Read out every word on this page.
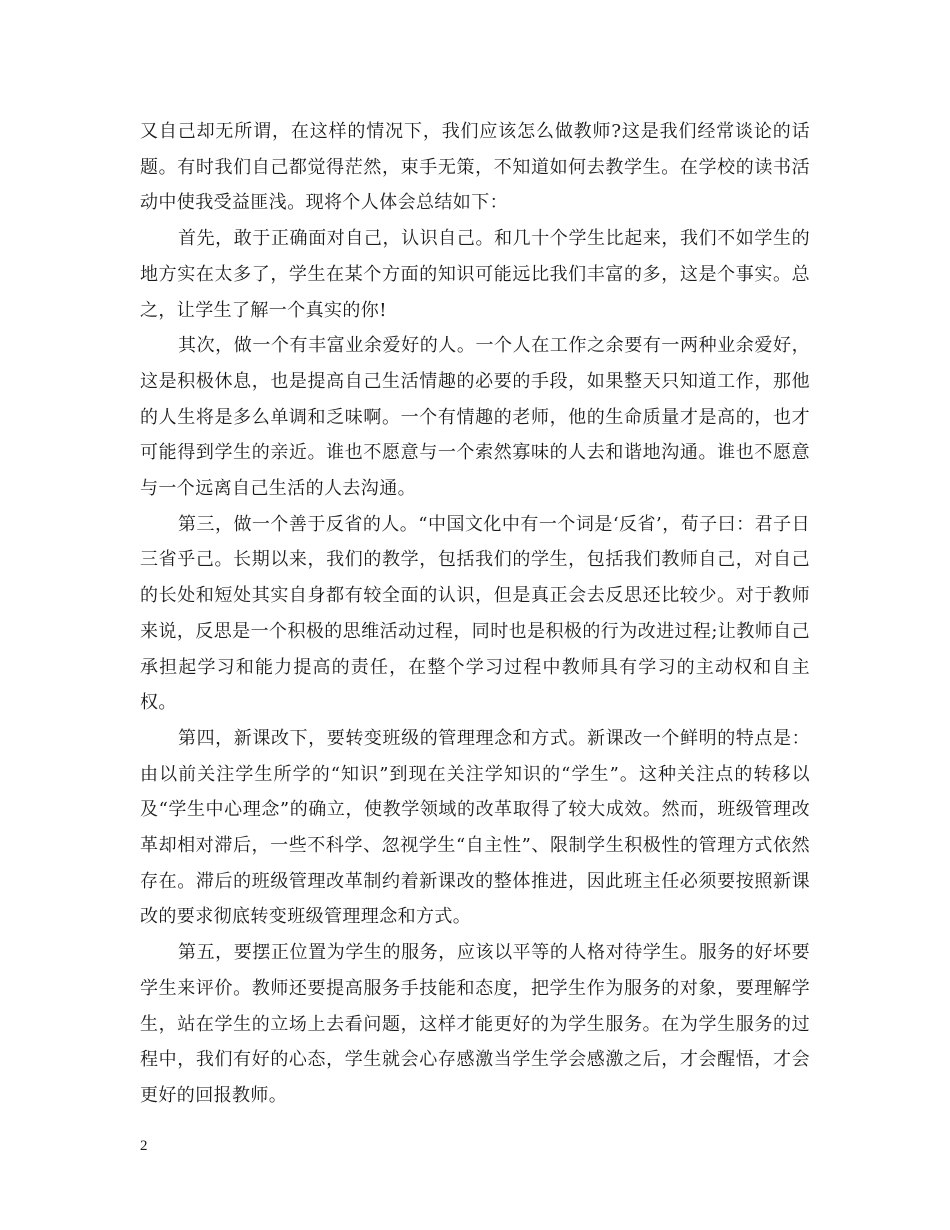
又自己却无所谓，在这样的情况下，我们应该怎么做教师?这是我们经常谈论的话题。有时我们自己都觉得茫然，束手无策，不知道如何去教学生。在学校的读书活动中使我受益匪浅。现将个人体会总结如下：

首先，敢于正确面对自己，认识自己。和几十个学生比起来，我们不如学生的地方实在太多了，学生在某个方面的知识可能远比我们丰富的多，这是个事实。总之，让学生了解一个真实的你!

其次，做一个有丰富业余爱好的人。一个人在工作之余要有一两种业余爱好，这是积极休息，也是提高自己生活情趣的必要的手段，如果整天只知道工作，那他的人生将是多么单调和乏味啊。一个有情趣的老师，他的生命质量才是高的，也才可能得到学生的亲近。谁也不愿意与一个索然寡味的人去和谐地沟通。谁也不愿意与一个远离自己生活的人去沟通。

第三，做一个善于反省的人。“中国文化中有一个词是‘反省’，荀子曰：君子日三省乎己。长期以来，我们的教学，包括我们的学生，包括我们教师自己，对自己的长处和短处其实自身都有较全面的认识，但是真正会去反思还比较少。对于教师来说，反思是一个积极的思维活动过程，同时也是积极的行为改进过程;让教师自己承担起学习和能力提高的责任，在整个学习过程中教师具有学习的主动权和自主权。

第四，新课改下，要转变班级的管理理念和方式。新课改一个鲜明的特点是：由以前关注学生所学的“知识”到现在关注学知识的“学生”。这种关注点的转移以及“学生中心理念”的确立，使教学领域的改革取得了较大成效。然而，班级管理改革却相对滞后，一些不科学、忽视学生“自主性”、限制学生积极性的管理方式依然存在。滞后的班级管理改革制约着新课改的整体推进，因此班主任必须要按照新课改的要求彻底转变班级管理理念和方式。

第五，要摆正位置为学生的服务，应该以平等的人格对待学生。服务的好坏要学生来评价。教师还要提高服务手技能和态度，把学生作为服务的对象，要理解学生，站在学生的立场上去看问题，这样才能更好的为学生服务。在为学生服务的过程中，我们有好的心态，学生就会心存感激当学生学会感激之后，才会醒悟，才会更好的回报教师。

2
